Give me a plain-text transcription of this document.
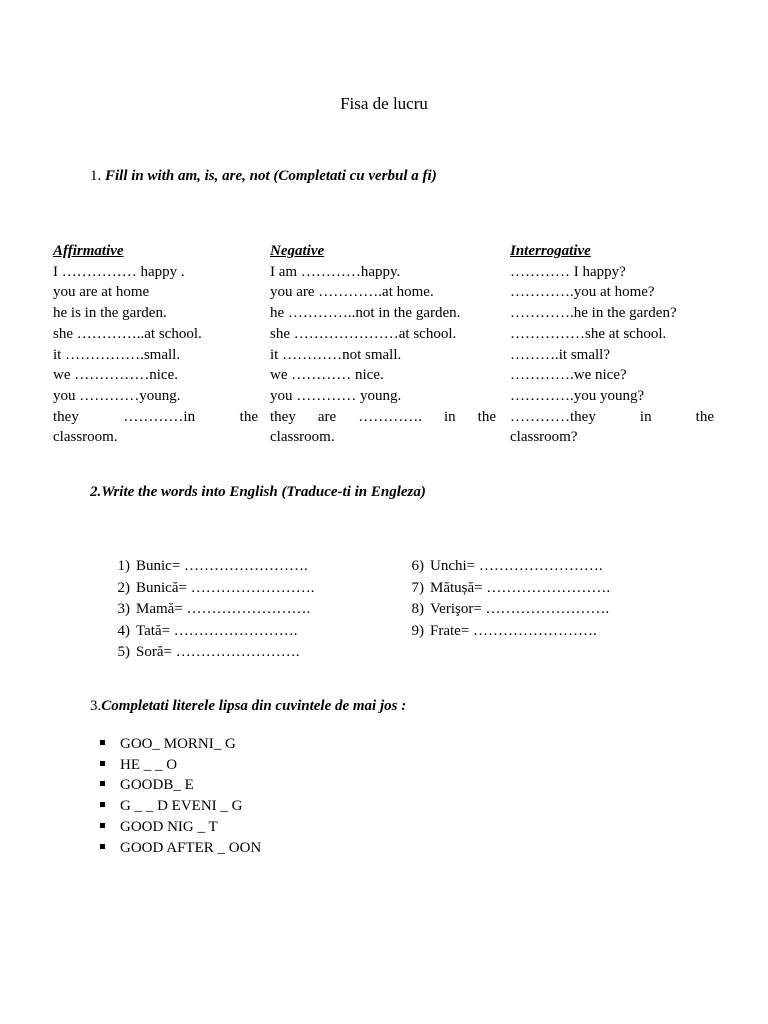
Fisa de lucru
1. Fill in with am, is, are, not (Completati cu verbul a fi)
Affirmative
I …………… happy .
you are at home
he is in the garden.
she …………..at school.
it …………….small.
we ……………nice.
you …………young.
they …………in the
classroom.
Negative
I am …………happy.
you are ………….at home.
he …………..not in the garden.
she …………………at school.
it …………not small.
we ………… nice.
you ………… young.
they are …………. in the
classroom.
Interrogative
………… I happy?
………….you at home?
………….he in the garden?
……………she at school.
……….it small?
………….we nice?
………….you young?
…………they in the
classroom?
2.Write the words into English (Traduce-ti in Engleza)
1) Bunic= …………………….
2) Bunică= …………………….
3) Mamă= …………………….
4) Tată= …………………….
5) Soră= …………………….
6) Unchi= …………………….
7) Mătușă= …………………….
8) Verişor= …………………….
9) Frate= …………………….
3.Completati literele lipsa din cuvintele de mai jos :
GOO_ MORNI_ G
HE _ _ O
GOODB_ E
G _ _ D EVENI _ G
GOOD NIG _ T
GOOD AFTER _ OON
